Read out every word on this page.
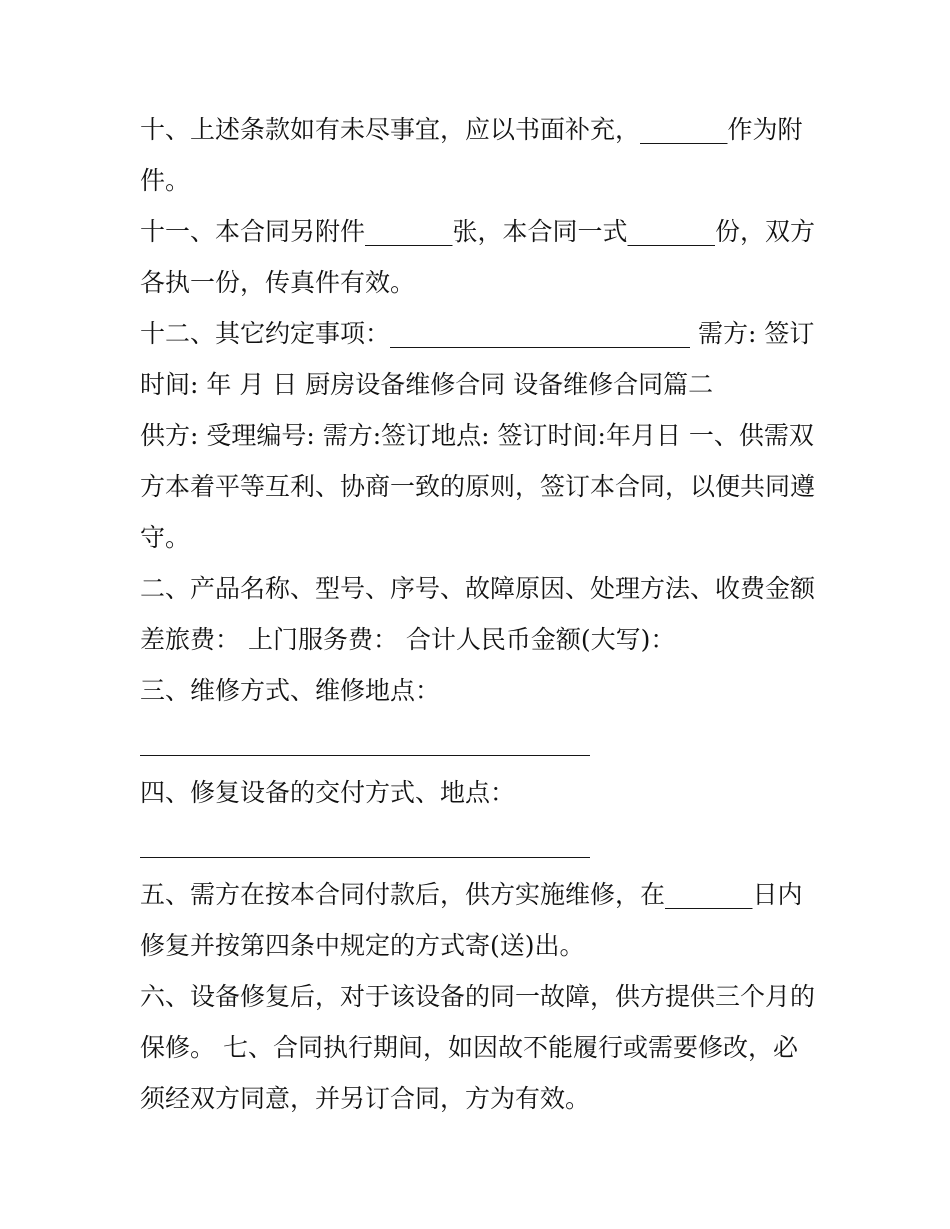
十、上述条款如有未尽事宜，应以书面补充，_______作为附
件。
十一、本合同另附件_______张，本合同一式_______份，双方
各执一份，传真件有效。
十二、其它约定事项：________________________ 需方: 签订
时间: 年 月 日 厨房设备维修合同 设备维修合同篇二
供方: 受理编号: 需方:签订地点: 签订时间:年月日 一、供需双
方本着平等互利、协商一致的原则，签订本合同，以便共同遵
守。
二、产品名称、型号、序号、故障原因、处理方法、收费金额
差旅费： 上门服务费： 合计人民币金额(大写)：
三、维修方式、维修地点：
____________________________________
四、修复设备的交付方式、地点：
____________________________________
五、需方在按本合同付款后，供方实施维修，在_______日内
修复并按第四条中规定的方式寄(送)出。
六、设备修复后，对于该设备的同一故障，供方提供三个月的
保修。 七、合同执行期间，如因故不能履行或需要修改，必
须经双方同意，并另订合同，方为有效。
